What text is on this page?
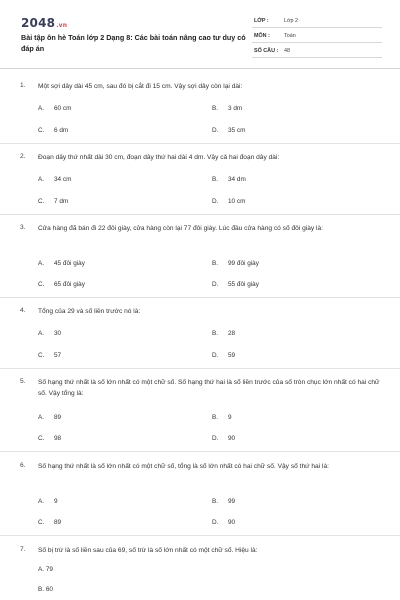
2048.vn
Bài tập ôn hè Toán lớp 2 Dạng 8: Các bài toán nâng cao tư duy có đáp án
LỚP :	Lớp 2
MÔN :	Toán
SỐ CÂU : 48
1. Một sợi dây dài 45 cm, sau đó bị cắt đi 15 cm. Vậy sợi dây còn lại dài:
A. 60 cm	B. 3 dm
C. 6 dm	D. 35 cm
2. Đoạn dây thứ nhất dài 30 cm, đoạn dây thứ hai dài 4 dm. Vậy cả hai đoạn dây dài:
A. 34 cm	B. 34 dm
C. 7 dm	D. 10 cm
3. Cửa hàng đã bán đi 22 đôi giày, cửa hàng còn lại 77 đôi giày. Lúc đầu cửa hàng có số đôi giày là:
A. 45 đôi giày	B. 99 đôi giày
C. 65 đôi giày	D. 55 đôi giày
4. Tổng của 29 và số liền trước nó là:
A. 30	B. 28
C. 57	D. 59
5. Số hạng thứ nhất là số lớn nhất có một chữ số. Số hạng thứ hai là số liền trước của số tròn chục lớn nhất có hai chữ số. Vậy tổng là:
A. 89	B. 9
C. 98	D. 90
6. Số hạng thứ nhất là số lớn nhất có một chữ số, tổng là số lớn nhất có hai chữ số. Vậy số thứ hai là:
A. 9	B. 99
C. 89	D. 90
7. Số bị trừ là số liền sau của 69, số trừ là số lớn nhất có một chữ số. Hiệu là:
A. 79
B. 60
